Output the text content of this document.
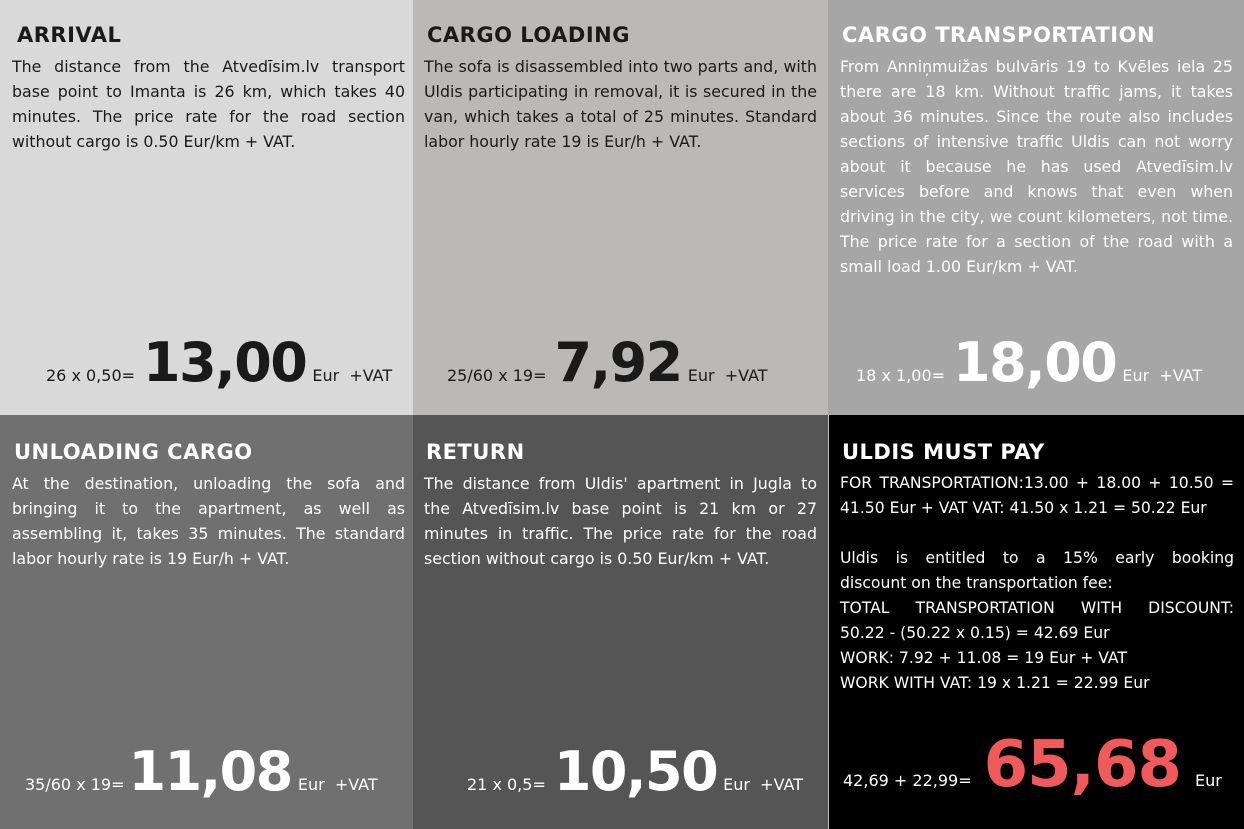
ARRIVAL

The distance from the Atvedīsim.lv transport base point to Imanta is 26 km, which takes 40 minutes. The price rate for the road section without cargo is 0.50 Eur/km + VAT.

26 x 0,50= 13,00 Eur +VAT
CARGO LOADING

The sofa is disassembled into two parts and, with Uldis participating in removal, it is secured in the van, which takes a total of 25 minutes. Standard labor hourly rate 19 is Eur/h + VAT.

25/60 x 19= 7,92 Eur +VAT
CARGO TRANSPORTATION

From Anniņmuižas bulvāris 19 to Kvēles iela 25 there are 18 km. Without traffic jams, it takes about 36 minutes. Since the route also includes sections of intensive traffic Uldis can not worry about it because he has used Atvedīsim.lv services before and knows that even when driving in the city, we count kilometers, not time. The price rate for a section of the road with a small load 1.00 Eur/km + VAT.

18 x 1,00= 18,00 Eur +VAT
UNLOADING CARGO

At the destination, unloading the sofa and bringing it to the apartment, as well as assembling it, takes 35 minutes. The standard labor hourly rate is 19 Eur/h + VAT.

35/60 x 19=11,08 Eur +VAT
RETURN

The distance from Uldis' apartment in Jugla to the Atvedīsim.lv base point is 21 km or 27 minutes in traffic. The price rate for the road section without cargo is 0.50 Eur/km + VAT.

21 x 0,5= 10,50 Eur +VAT
ULDIS MUST PAY
FOR TRANSPORTATION:13.00 + 18.00 + 10.50 =
41.50 Eur + VAT VAT: 41.50 x 1.21 = 50.22 Eur
Uldis is entitled to a 15% early booking
discount on the transportation fee:
TOTAL TRANSPORTATION WITH DISCOUNT:
50.22 - (50.22 x 0.15) = 42.69 Eur
WORK: 7.92 + 11.08 = 19 Eur + VAT
WORK WITH VAT: 19 x 1.21 = 22.99 Eur
42,69 + 22,99= 65,68 Eur
